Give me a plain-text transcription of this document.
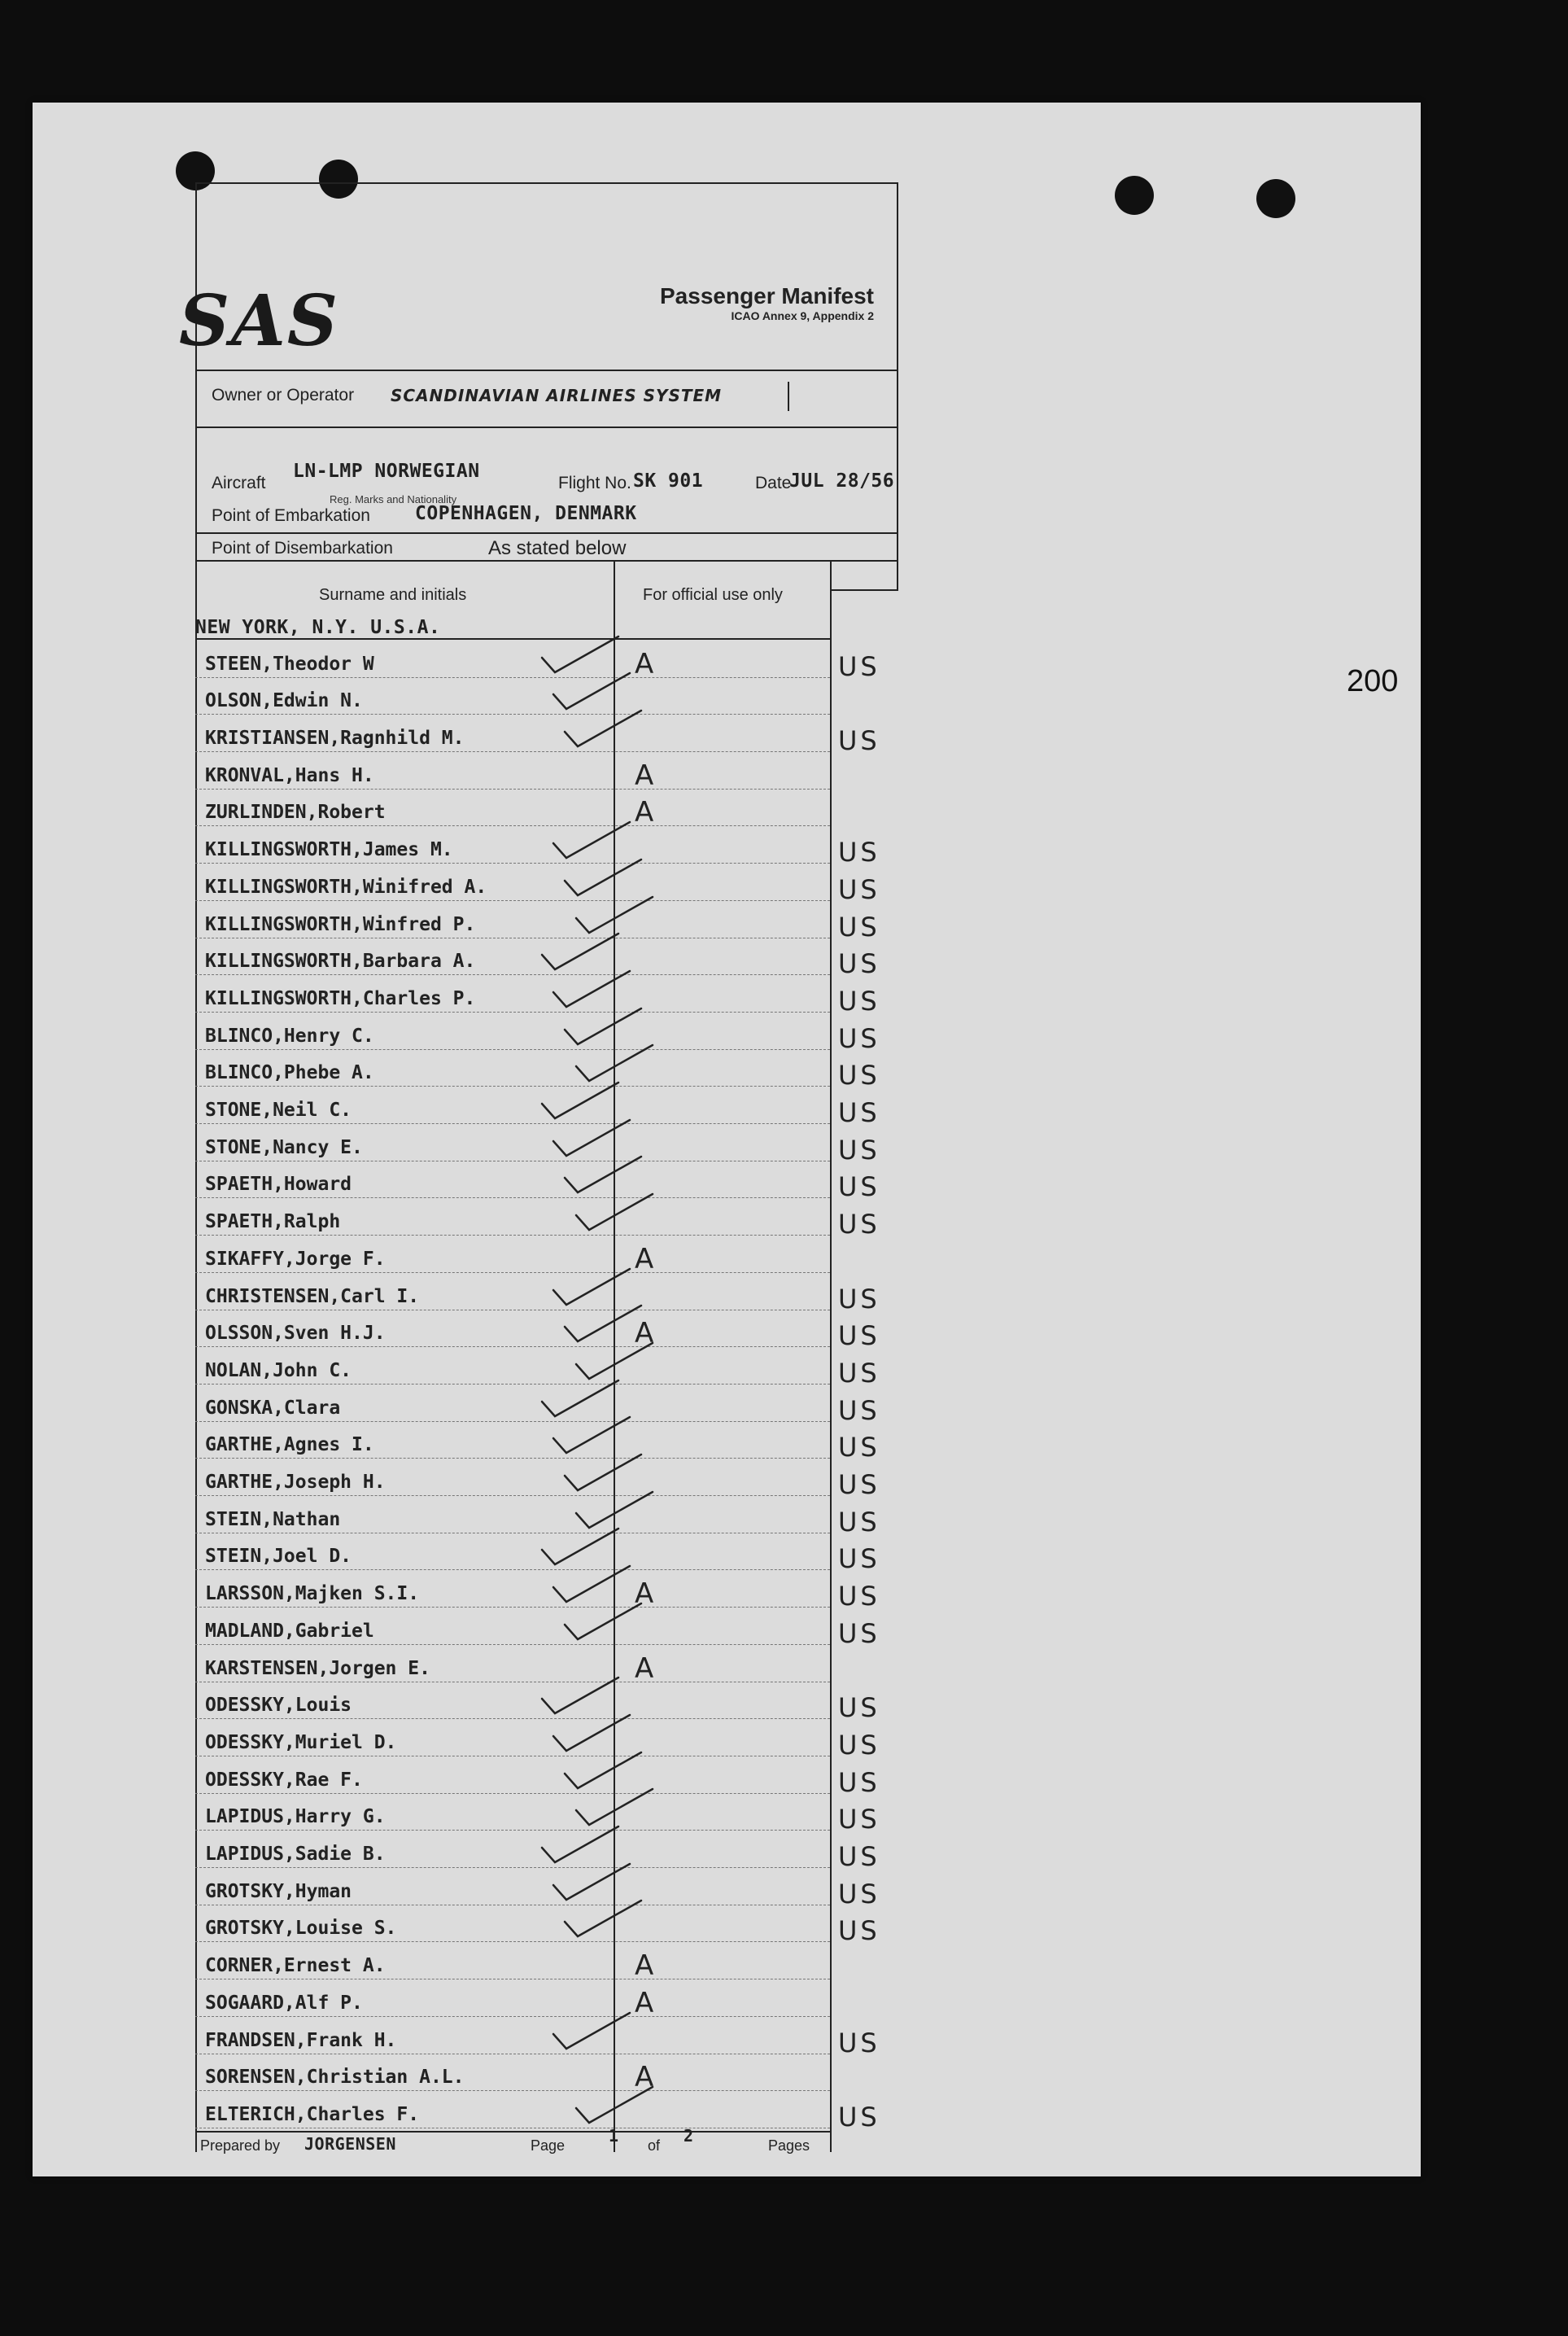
200
SAS	Passenger Manifest
ICAO Annex 9, Appendix 2
Owner or Operator SCANDINAVIAN AIRLINES SYSTEM
Aircraft
LN-LMP NORWEGIAN
Reg. Marks and Nationality
Flight No. SK 901	Date
JUL 28/56
Point of Embarkation COPENHAGEN, DENMARK
Point of Disembarkation	As stated below
Surname and initials	For official use only
NEW YORK, N.Y. U.S.A.
STEEN,Theodor W	A	US
OLSON,Edwin N.
KRISTIANSEN,Ragnhild M.	US
KRONVAL,Hans H.	A
ZURLINDEN,Robert	A
KILLINGSWORTH,James M.	US
KILLINGSWORTH,Winifred A.	US
KILLINGSWORTH,Winfred P.	US
KILLINGSWORTH,Barbara A.	US
KILLINGSWORTH,Charles P.	US
BLINCO,Henry C.	US
BLINCO,Phebe A.	US
STONE,Neil C.	US
STONE,Nancy E.	US
SPAETH,Howard	US
SPAETH,Ralph	US
SIKAFFY,Jorge F.	A
CHRISTENSEN,Carl I.	US
OLSSON,Sven H.J.	A	US
NOLAN,John C.	US
GONSKA,Clara	US
GARTHE,Agnes I.	US
GARTHE,Joseph H.	US
STEIN,Nathan	US
STEIN,Joel D.	US
LARSSON,Majken S.I.	A	US
MADLAND,Gabriel	US
KARSTENSEN,Jorgen E.	A
ODESSKY,Louis	US
ODESSKY,Muriel D.	US
ODESSKY,Rae F.	US
LAPIDUS,Harry G.	US
LAPIDUS,Sadie B.	US
GROTSKY,Hyman	US
GROTSKY,Louise S.	US
CORNER,Ernest A.	A
SOGAARD,Alf P.	A
FRANDSEN,Frank H.	US
SORENSEN,Christian A.L.	A
ELTERICH,Charles F.	US
Prepared by JORGENSEN	Page	1 of 2	Pages
